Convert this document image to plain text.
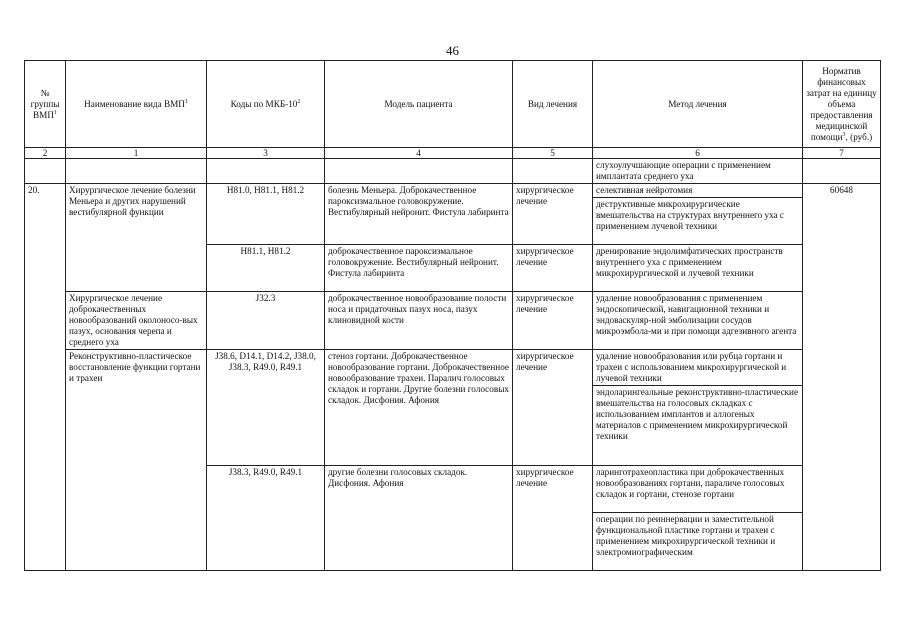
46
№ группы ВМП$^1$	Наименование вида ВМП$^1$	Коды по МКБ-$10^2$	Модель пациента	Вид лечения	Метод лечения	Норматив финансовых затрат на единицу объема предоставления медицинской помощи$^3$, (руб.)
2	1	3	4	5	6	7
					слухоулучшающие операции с применением имплантата среднего уха	
20.	Хирургическое лечение болезни Меньера и других нарушений вестибулярной функции	H81.0, H81.1, H81.2	болезнь Меньера. Доброкачественное пароксизмальное головокружение. Вестибулярный нейронит. Фистула лабиринта	хирургическое лечение	селективная нейротомия	60648
					деструктивные микрохирургические вмешательства на структурах внутреннего уха с применением лучевой техники	
		H81.1, H81.2	доброкачественное пароксизмальное головокружение. Вестибулярный нейронит. Фистула лабиринта	хирургическое лечение	дренирование эндолимфатических пространств внутреннего уха с применением микрохирургической и лучевой техники	
	Хирургическое лечение доброкачественных новообразований околоносо-вых пазух, основания черепа и среднего уха	J32.3	доброкачественное новообразование полости носа и придаточных пазух носа, пазух клиновидной кости	хирургическое лечение	удаление новообразования с применением эндоскопической, навигационной техники и эндоваскуляр-ной эмболизации сосудов микроэмбола-ми и при помощи адгезивного агента	
	Реконструктивно-пластическое восстановление функции гортани и трахеи	J38.6, D14.1, D14.2, J38.0, J38.3, R49.0, R49.1	стеноз гортани. Доброкачественное новообразование гортани. Доброкачественное новообразование трахеи. Паралич голосовых складок и гортани. Другие болезни голосовых складок. Дисфония. Афония	хирургическое лечение	удаление новообразования или рубца гортани и трахеи с использованием микрохирургической и лучевой техники	
					эндоларингеальные реконструктивно-пластические вмешательства на голосовых складках с использованием имплантов и аллогеных материалов с применением микрохирургической техники	
		J38.3, R49.0, R49.1	другие болезни голосовых складок. Дисфония. Афония	хирургическое лечение	ларинготрахеопластика при доброкачественных новообразованиях гортани, параличе голосовых складок и гортани, стенозе гортани	
					операции по реиннервации и заместительной функциональной пластике гортани и трахеи с применением микрохирургической техники и электромиографическим	
